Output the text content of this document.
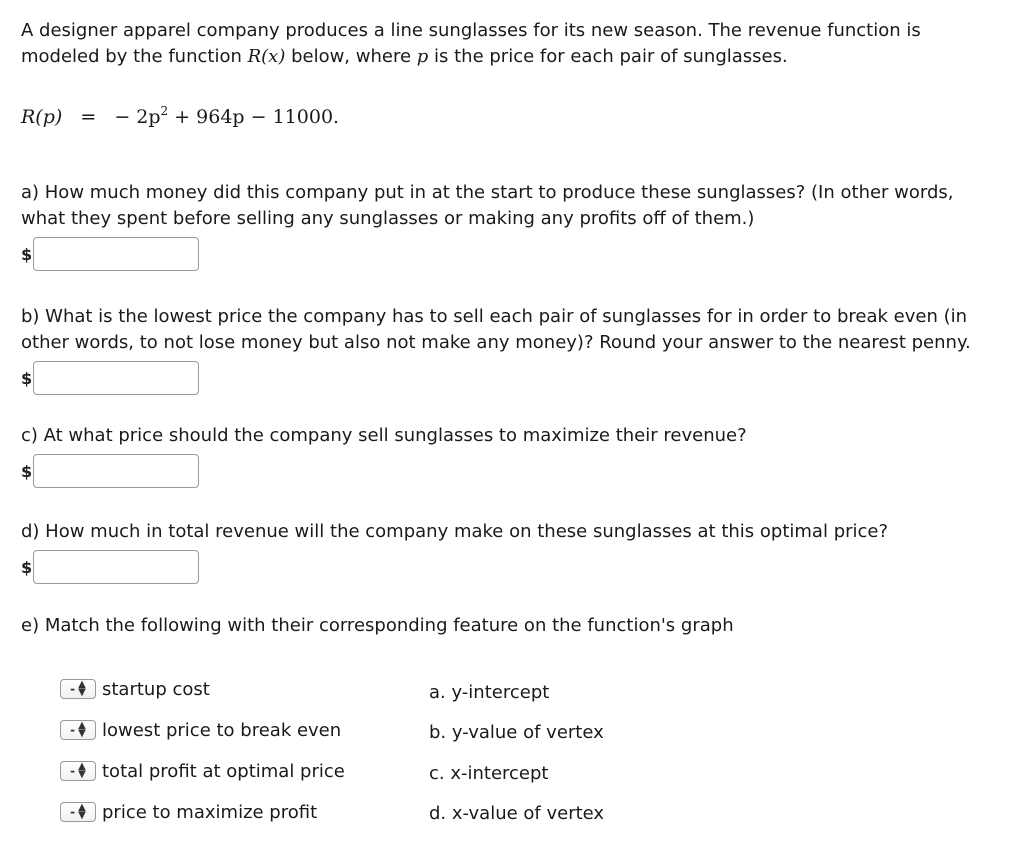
A designer apparel company produces a line sunglasses for its new season. The revenue function is modeled by the function R(x) below, where p is the price for each pair of sunglasses.

R(p) = − $2p^2 + 964p - 11000$.

a) How much money did this company put in at the start to produce these sunglasses? (In other words, what they spent before selling any sunglasses or making any profits off of them.)

$

b) What is the lowest price the company has to sell each pair of sunglasses for in order to break even (in other words, to not lose money but also not make any money)? Round your answer to the nearest penny.

$

c) At what price should the company sell sunglasses to maximize their revenue?

$

d) How much in total revenue will the company make on these sunglasses at this optimal price?

$

e) Match the following with their corresponding feature on the function's graph

- ▲
▼ startup cost
- ▲
▼ lowest price to break even
- ▲
▼ total profit at optimal price
- ▲
▼ price to maximize profit
a. y-intercept
b. y-value of vertex
c. x-intercept
d. x-value of vertex
